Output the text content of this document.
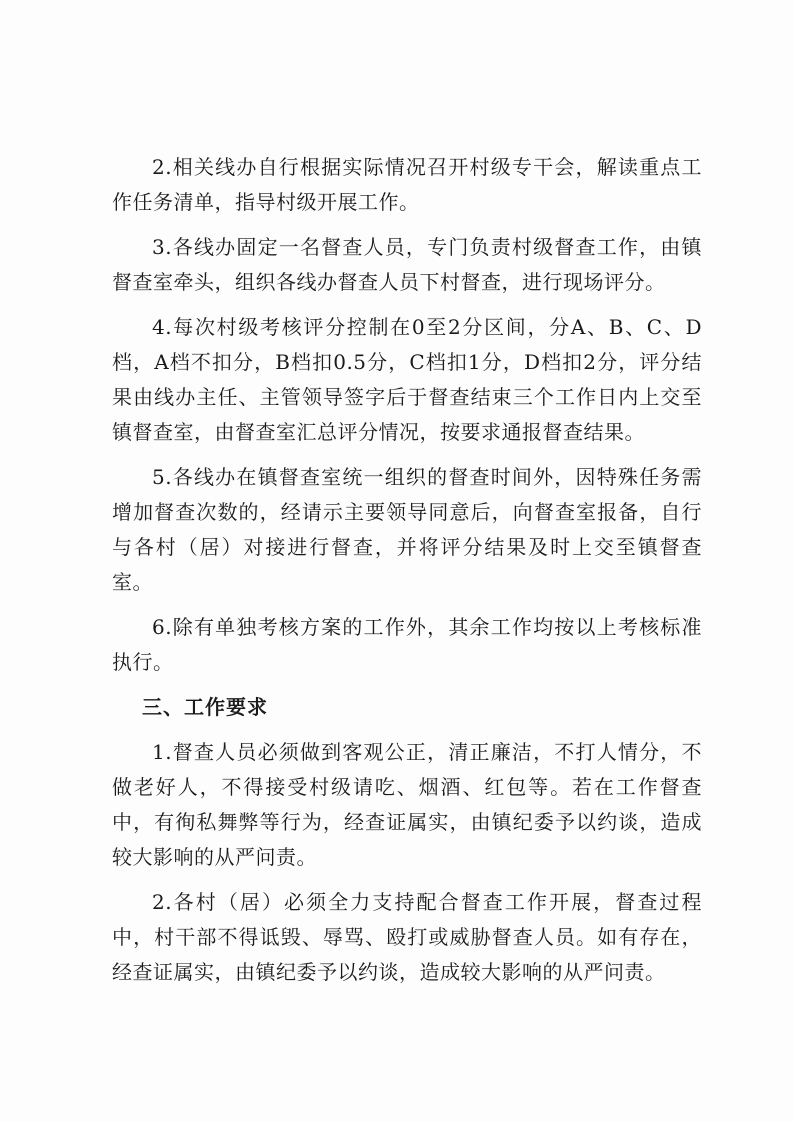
2.相关线办自行根据实际情况召开村级专干会，解读重点工作任务清单，指导村级开展工作。

3.各线办固定一名督查人员，专门负责村级督查工作，由镇督查室牵头，组织各线办督查人员下村督查，进行现场评分。

4.每次村级考核评分控制在0至2分区间，分A、B、C、D档，A档不扣分，B档扣0.5分，C档扣1分，D档扣2分，评分结果由线办主任、主管领导签字后于督查结束三个工作日内上交至镇督查室，由督查室汇总评分情况，按要求通报督查结果。

5.各线办在镇督查室统一组织的督查时间外，因特殊任务需增加督查次数的，经请示主要领导同意后，向督查室报备，自行与各村（居）对接进行督查，并将评分结果及时上交至镇督查室。

6.除有单独考核方案的工作外，其余工作均按以上考核标准执行。

三、工作要求

1.督查人员必须做到客观公正，清正廉洁，不打人情分，不做老好人，不得接受村级请吃、烟酒、红包等。若在工作督查中，有徇私舞弊等行为，经查证属实，由镇纪委予以约谈，造成较大影响的从严问责。

2.各村（居）必须全力支持配合督查工作开展，督查过程中，村干部不得诋毁、辱骂、殴打或威胁督查人员。如有存在，经查证属实，由镇纪委予以约谈，造成较大影响的从严问责。
